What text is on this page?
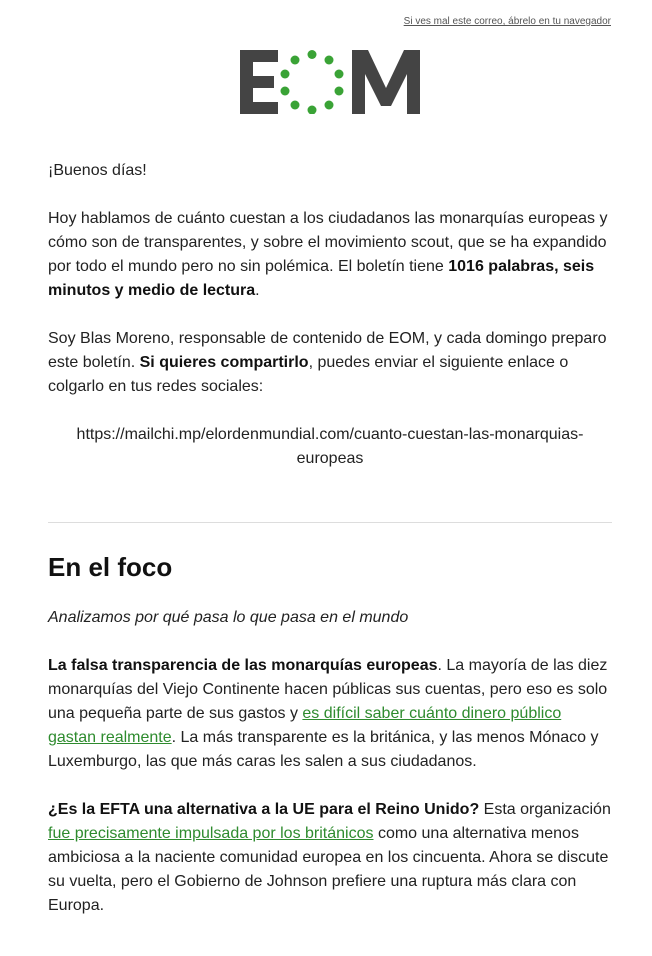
Si ves mal este correo, ábrelo en tu navegador

¡Buenos días!

Hoy hablamos de cuánto cuestan a los ciudadanos las monarquías europeas y cómo son de transparentes, y sobre el movimiento scout, que se ha expandido por todo el mundo pero no sin polémica. El boletín tiene 1016 palabras, seis minutos y medio de lectura.

Soy Blas Moreno, responsable de contenido de EOM, y cada domingo preparo este boletín. Si quieres compartirlo, puedes enviar el siguiente enlace o colgarlo en tus redes sociales:

https://mailchi.mp/elordenmundial.com/cuanto-cuestan-las-monarquias-europeas

En el foco

Analizamos por qué pasa lo que pasa en el mundo

La falsa transparencia de las monarquías europeas. La mayoría de las diez monarquías del Viejo Continente hacen públicas sus cuentas, pero eso es solo una pequeña parte de sus gastos y es difícil saber cuánto dinero público gastan realmente. La más transparente es la británica, y las menos Mónaco y Luxemburgo, las que más caras les salen a sus ciudadanos.

¿Es la EFTA una alternativa a la UE para el Reino Unido? Esta organización fue precisamente impulsada por los británicos como una alternativa menos ambiciosa a la naciente comunidad europea en los cincuenta. Ahora se discute su vuelta, pero el Gobierno de Johnson prefiere una ruptura más clara con Europa.
